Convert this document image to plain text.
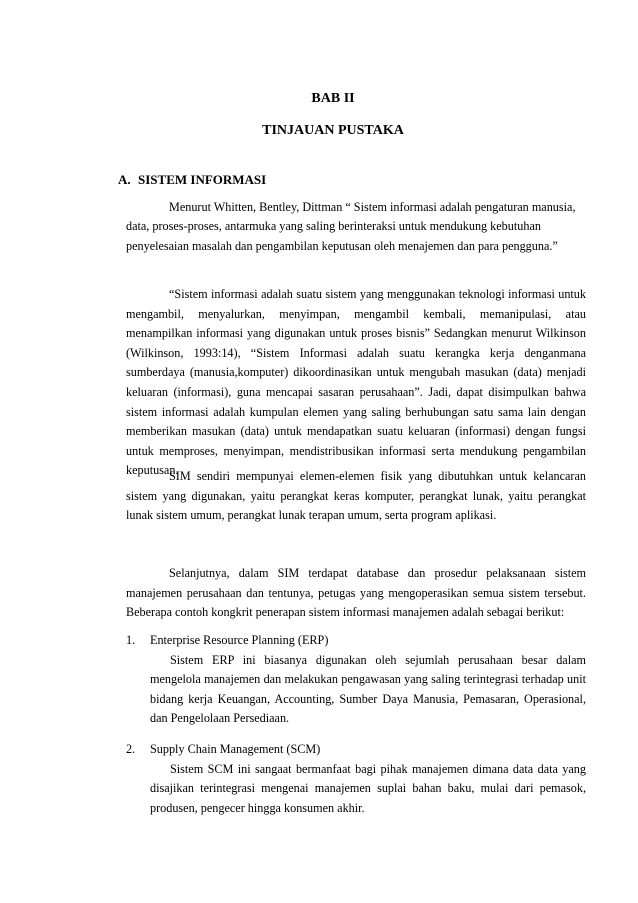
BAB II
TINJAUAN PUSTAKA
A. SISTEM INFORMASI

Menurut Whitten, Bentley, Dittman “ Sistem informasi adalah pengaturan manusia, data, proses-proses, antarmuka yang saling berinteraksi untuk mendukung kebutuhan penyelesaian masalah dan pengambilan keputusan oleh menajemen dan para pengguna.”

“Sistem informasi adalah suatu sistem yang menggunakan teknologi informasi untuk mengambil, menyalurkan, menyimpan, mengambil kembali, memanipulasi, atau menampilkan informasi yang digunakan untuk proses bisnis” Sedangkan menurut Wilkinson (Wilkinson, 1993:14), “Sistem Informasi adalah suatu kerangka kerja denganmana sumberdaya (manusia,komputer) dikoordinasikan untuk mengubah masukan (data) menjadi keluaran (informasi), guna mencapai sasaran perusahaan”. Jadi, dapat disimpulkan bahwa sistem informasi adalah kumpulan elemen yang saling berhubungan satu sama lain dengan memberikan masukan (data) untuk mendapatkan suatu keluaran (informasi) dengan fungsi untuk memproses, menyimpan, mendistribusikan informasi serta mendukung pengambilan keputusan.

SIM sendiri mempunyai elemen-elemen fisik yang dibutuhkan untuk kelancaran sistem yang digunakan, yaitu perangkat keras komputer, perangkat lunak, yaitu perangkat lunak sistem umum, perangkat lunak terapan umum, serta program aplikasi.

Selanjutnya, dalam SIM terdapat database dan prosedur pelaksanaan sistem manajemen perusahaan dan tentunya, petugas yang mengoperasikan semua sistem tersebut. Beberapa contoh kongkrit penerapan sistem informasi manajemen adalah sebagai berikut:

1. Enterprise Resource Planning (ERP)
Sistem ERP ini biasanya digunakan oleh sejumlah perusahaan besar dalam mengelola manajemen dan melakukan pengawasan yang saling terintegrasi terhadap unit bidang kerja Keuangan, Accounting, Sumber Daya Manusia, Pemasaran, Operasional, dan Pengelolaan Persediaan.
2. Supply Chain Management (SCM)
Sistem SCM ini sangaat bermanfaat bagi pihak manajemen dimana data data yang disajikan terintegrasi mengenai manajemen suplai bahan baku, mulai dari pemasok, produsen, pengecer hingga konsumen akhir.
